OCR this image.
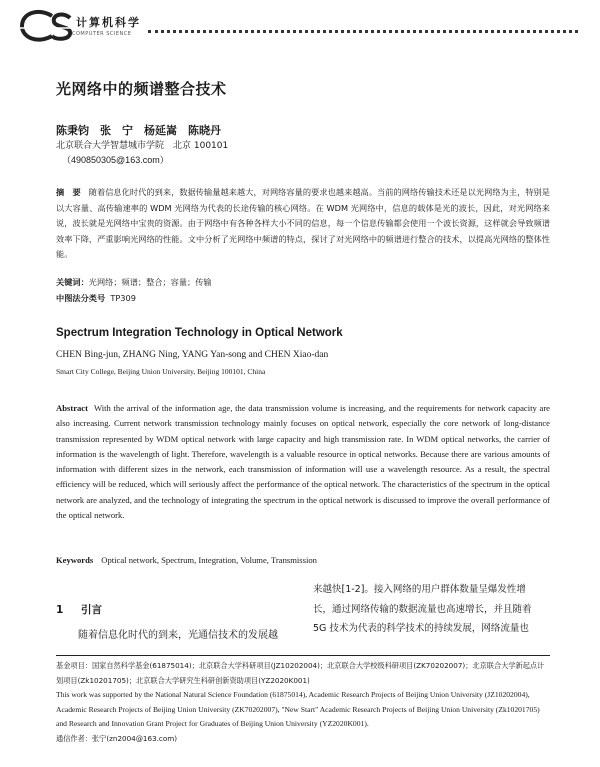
计算机科学
COMPUTER SCIENCE
光网络中的频谱整合技术
陈秉钧　张　宁　杨延嵩　陈晓丹
北京联合大学智慧城市学院　北京 100101
（490850305@163.com）
摘　要 随着信息化时代的到来，数据传输量越来越大，对网络容量的要求也越来越高。当前的网络传输技术还是以光网络为主，特别是以大容量、高传输速率的 WDM 光网络为代表的长途传输的核心网络。在 WDM 光网络中，信息的载体是光的波长，因此，对光网络来说，波长就是光网络中宝贵的资源。由于网络中有各种各样大小不同的信息，每一个信息传输都会使用一个波长资源，这样就会导致频谱效率下降，严重影响光网络的性能。文中分析了光网络中频谱的特点，探讨了对光网络中的频谱进行整合的技术，以提高光网络的整体性能。
关键词：光网络；频谱；整合；容量；传输
中图法分类号 TP309
Spectrum Integration Technology in Optical Network
CHEN Bing-jun, ZHANG Ning, YANG Yan-song and CHEN Xiao-dan
Smart City College, Beijing Union University, Beijing 100101, China
Abstract With the arrival of the information age, the data transmission volume is increasing, and the requirements for network capacity are also increasing. Current network transmission technology mainly focuses on optical network, especially the core network of long-distance transmission represented by WDM optical network with large capacity and high transmission rate. In WDM optical networks, the carrier of information is the wavelength of light. Therefore, wavelength is a valuable resource in optical networks. Because there are various amounts of information with different sizes in the network, each transmission of information will use a wavelength resource. As a result, the spectral efficiency will be reduced, which will seriously affect the performance of the optical network. The characteristics of the spectrum in the optical network are analyzed, and the technology of integrating the spectrum in the optical network is discussed to improve the overall performance of the optical network.
Keywords Optical network, Spectrum, Integration, Volume, Transmission
1 引言
随着信息化时代的到来，光通信技术的发展越
来越快[1-2]。接入网络的用户群体数量呈爆发性增
长，通过网络传输的数据流量也高速增长，并且随着
5G 技术为代表的科学技术的持续发展，网络流量也

基金项目：国家自然科学基金(61875014)；北京联合大学科研项目(JZ10202004)；北京联合大学校级科研项目(ZK70202007)；北京联合大学新起点计划项目(Zk10201705)；北京联合大学研究生科研创新资助项目(YZ2020K001)

This work was supported by the National Natural Science Foundation (61875014), Academic Research Projects of Beijing Union University (JZ10202004), Academic Research Projects of Beijing Union University (ZK70202007), "New Start" Academic Research Projects of Beijing Union University (Zk10201705) and Research and Innovation Grant Project for Graduates of Beijing Union University (YZ2020K001).

通信作者：张宁(zn2004@163.com)
